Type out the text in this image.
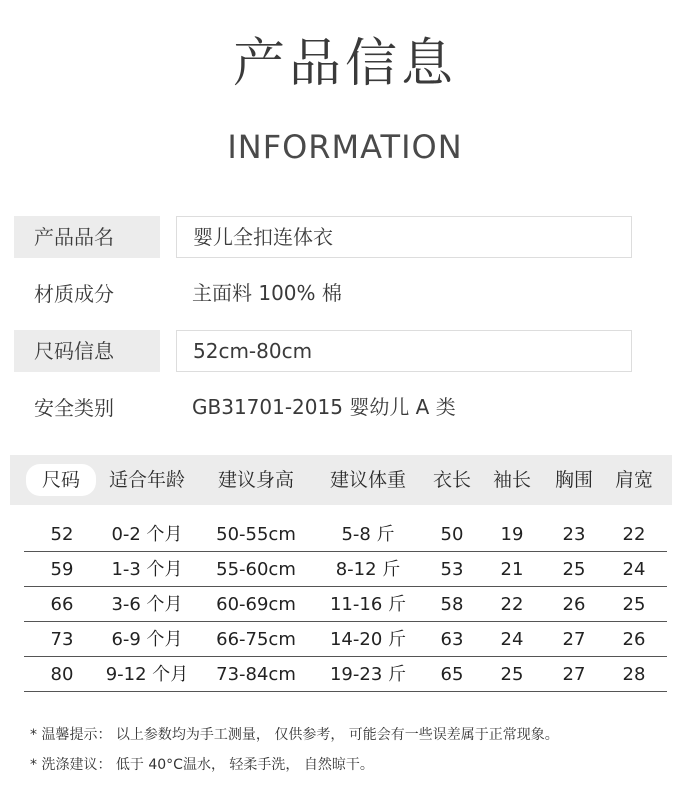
产品信息
INFORMATION
产品品名	婴儿全扣连体衣
材质成分	主面料 100% 棉
尺码信息	52cm-80cm
安全类别	GB31701-2015 婴幼儿 A 类
尺码	适合年龄	建议身高	建议体重	衣长	袖长	胸围	肩宽
52	0-2 个月	50-55cm	5-8 斤	50	19	23	22
59	1-3 个月	55-60cm	8-12 斤	53	21	25	24
66	3-6 个月	60-69cm	11-16 斤	58	22	26	25
73	6-9 个月	66-75cm	14-20 斤	63	24	27	26
80	9-12 个月	73-84cm	19-23 斤	65	25	27	28
* 温馨提示： 以上参数均为手工测量， 仅供参考， 可能会有一些误差属于正常现象。
* 洗涤建议： 低于 40°C温水， 轻柔手洗， 自然晾干。
